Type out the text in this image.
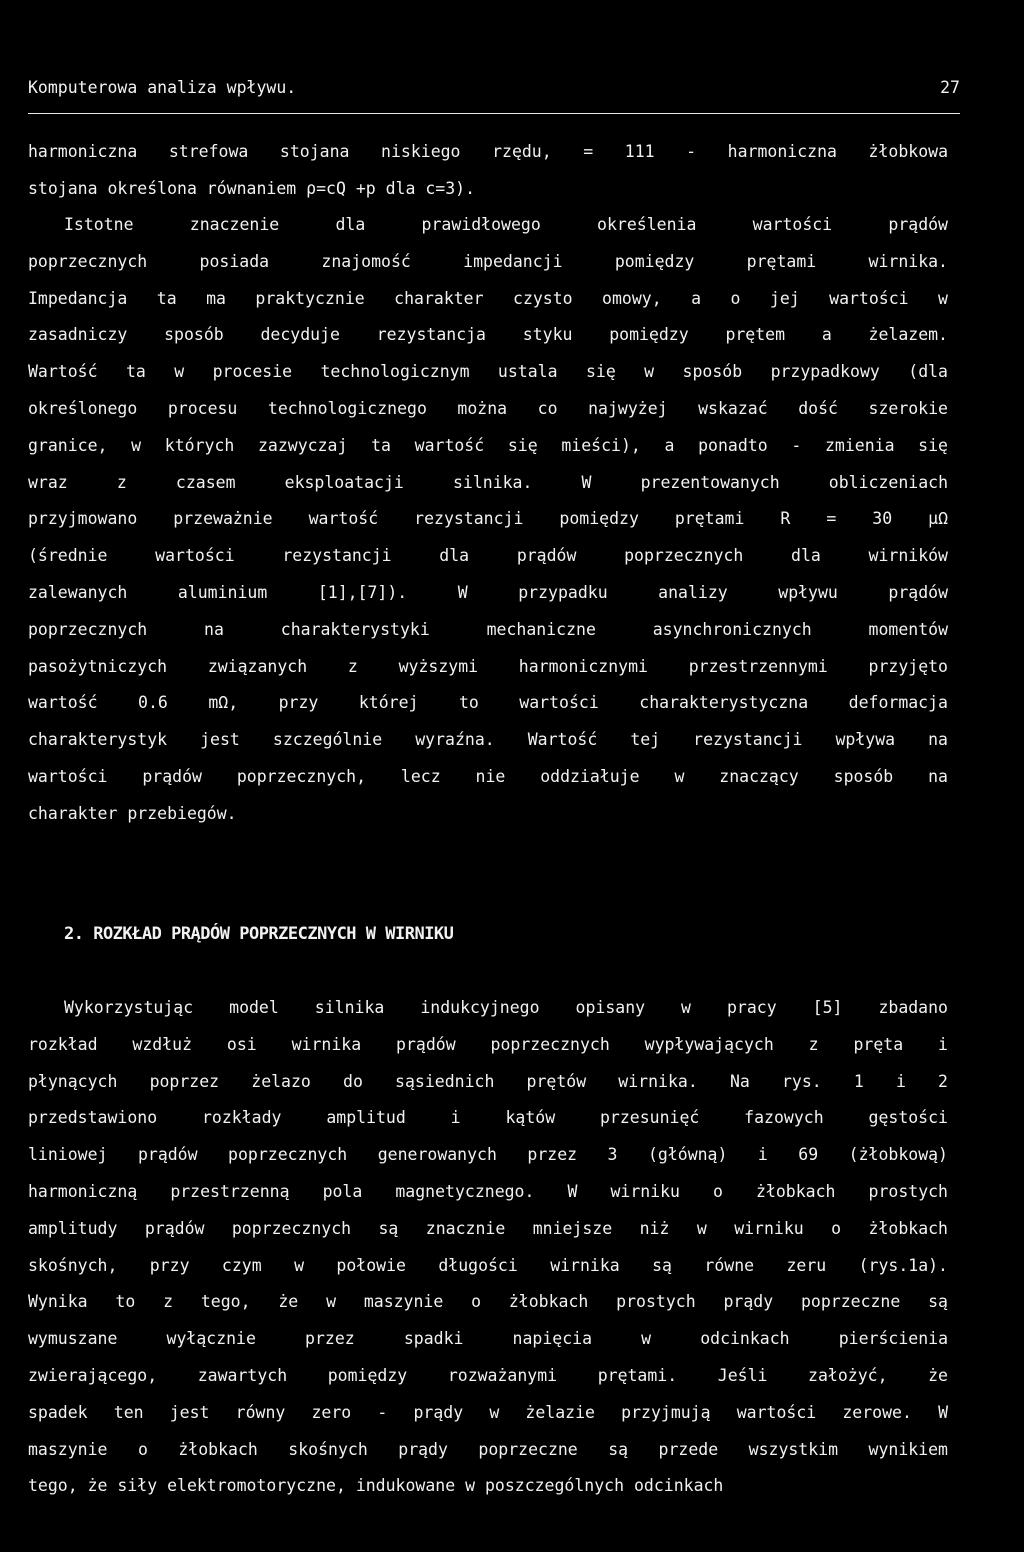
Komputerowa analiza wpływu.	27
harmoniczna strefowa stojana niskiego rzędu, = 111 - harmoniczna żłobkowa
stojana określona równaniem ρ=cQ +p dla c=3).
Istotne znaczenie dla prawidłowego określenia wartości prądów
poprzecznych posiada znajomość impedancji pomiędzy prętami wirnika.
Impedancja ta ma praktycznie charakter czysto omowy, a o jej wartości w
zasadniczy sposób decyduje rezystancja styku pomiędzy prętem a żelazem.
Wartość ta w procesie technologicznym ustala się w sposób przypadkowy (dla
określonego procesu technologicznego można co najwyżej wskazać dość szerokie
granice, w których zazwyczaj ta wartość się mieści), a ponadto - zmienia się
wraz z czasem eksploatacji silnika. W prezentowanych obliczeniach
przyjmowano przeważnie wartość rezystancji pomiędzy prętami R = 30 μΩ
(średnie wartości rezystancji dla prądów poprzecznych dla wirników
zalewanych aluminium [1],[7]). W przypadku analizy wpływu prądów
poprzecznych na charakterystyki mechaniczne asynchronicznych momentów
pasożytniczych związanych z wyższymi harmonicznymi przestrzennymi przyjęto
wartość 0.6 mΩ, przy której to wartości charakterystyczna deformacja
charakterystyk jest szczególnie wyraźna. Wartość tej rezystancji wpływa na
wartości prądów poprzecznych, lecz nie oddziałuje w znaczący sposób na
charakter przebiegów.
2. ROZKŁAD PRĄDÓW POPRZECZNYCH W WIRNIKU
Wykorzystując model silnika indukcyjnego opisany w pracy [5] zbadano
rozkład wzdłuż osi wirnika prądów poprzecznych wypływających z pręta i
płynących poprzez żelazo do sąsiednich prętów wirnika. Na rys. 1 i 2
przedstawiono rozkłady amplitud i kątów przesunięć fazowych gęstości
liniowej prądów poprzecznych generowanych przez 3 (główną) i 69 (żłobkową)
harmoniczną przestrzenną pola magnetycznego. W wirniku o żłobkach prostych
amplitudy prądów poprzecznych są znacznie mniejsze niż w wirniku o żłobkach
skośnych, przy czym w połowie długości wirnika są równe zeru (rys.1a).
Wynika to z tego, że w maszynie o żłobkach prostych prądy poprzeczne są
wymuszane wyłącznie przez spadki napięcia w odcinkach pierścienia
zwierającego, zawartych pomiędzy rozważanymi prętami. Jeśli założyć, że
spadek ten jest równy zero - prądy w żelazie przyjmują wartości zerowe. W
maszynie o żłobkach skośnych prądy poprzeczne są przede wszystkim wynikiem
tego, że siły elektromotoryczne, indukowane w poszczególnych odcinkach
